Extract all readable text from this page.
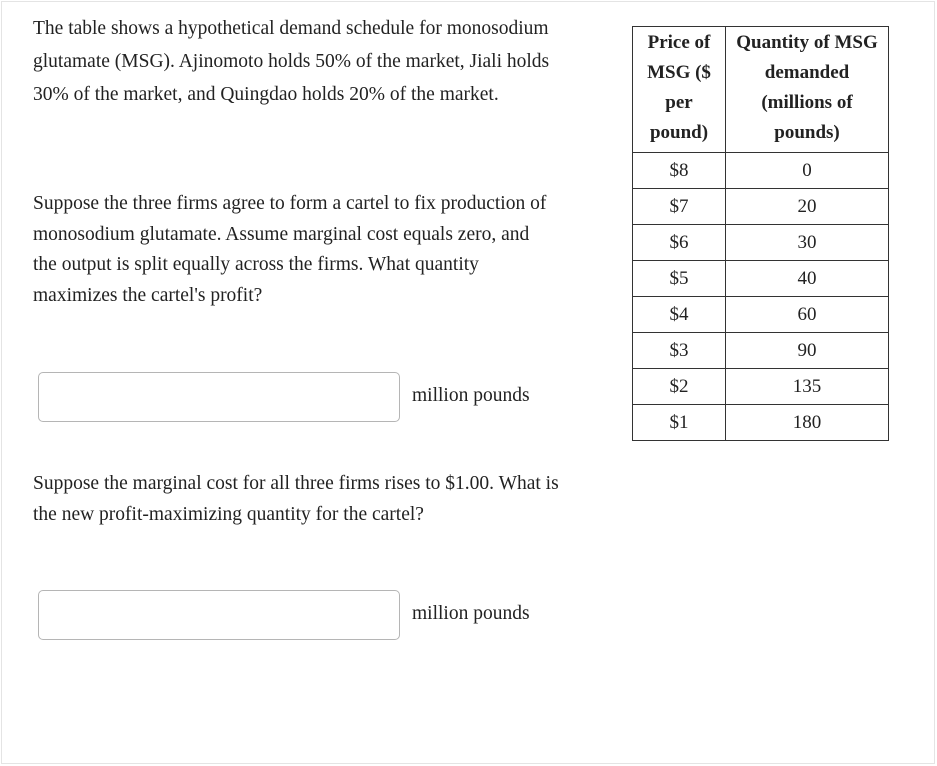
The table shows a hypothetical demand schedule for monosodium glutamate (MSG). Ajinomoto holds 50% of the market, Jiali holds 30% of the market, and Quingdao holds 20% of the market.

Suppose the three firms agree to form a cartel to fix production of monosodium glutamate. Assume marginal cost equals zero, and the output is split equally across the firms. What quantity maximizes the cartel's profit?

million pounds

Suppose the marginal cost for all three firms rises to $1.00. What is the new profit-maximizing quantity for the cartel?

million pounds
Price of MSG ($ per pound)	Quantity of MSG demanded (millions of pounds)
$8	0
$7	20
$6	30
$5	40
$4	60
$3	90
$2	135
$1	180
